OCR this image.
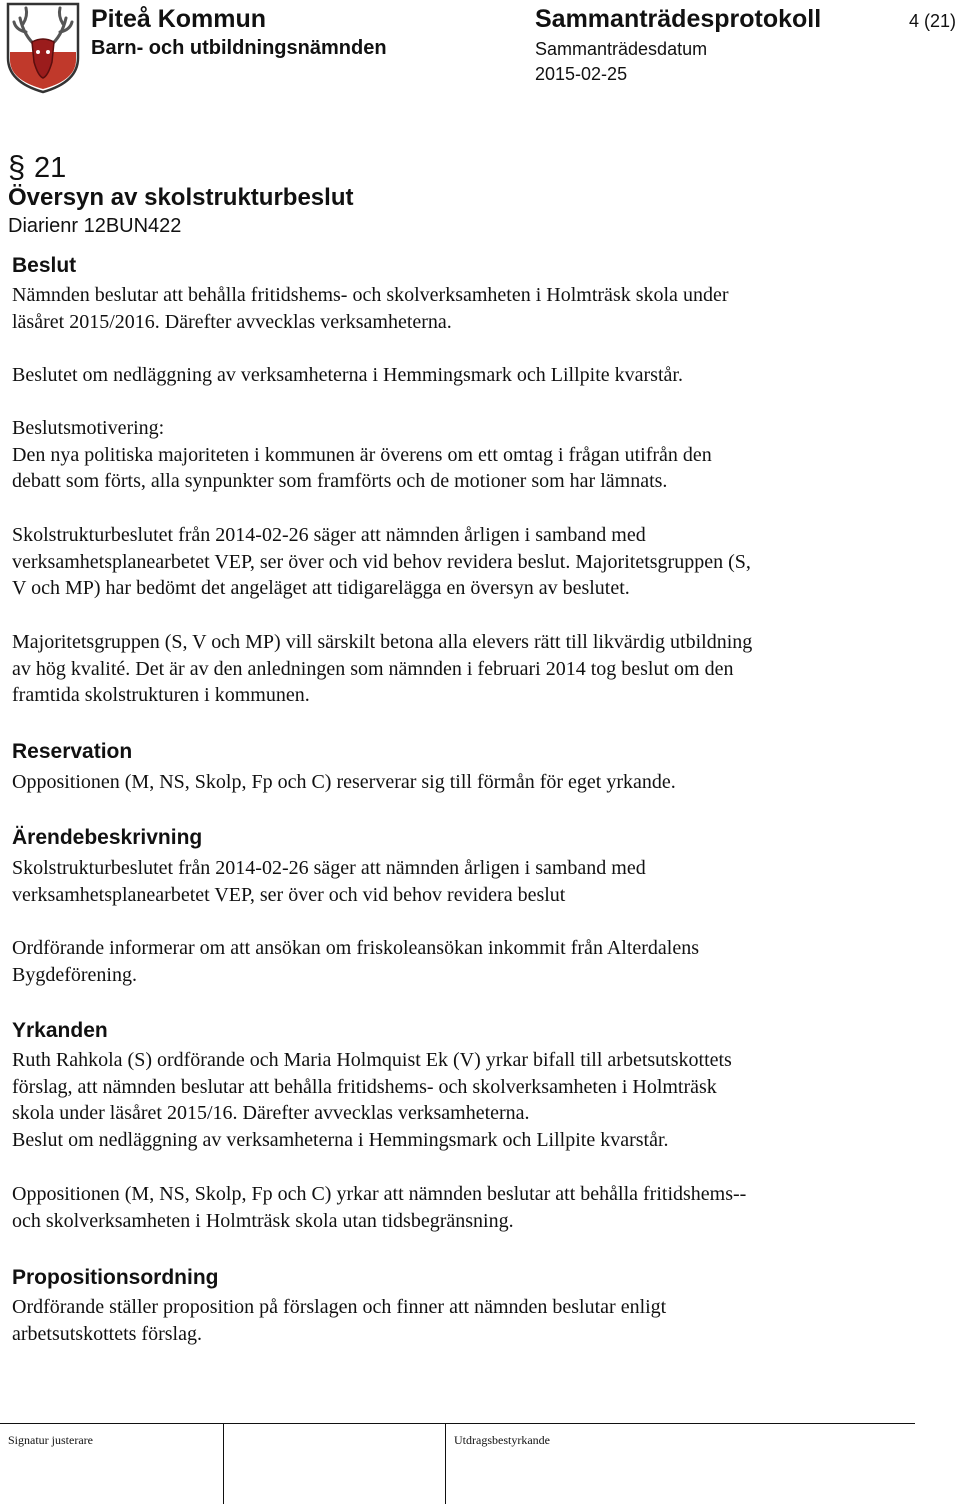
Piteå Kommun
Barn- och utbildningsnämnden
Sammanträdesprotokoll
Sammanträdesdatum
2015-02-25
4 (21)
§ 21
Översyn av skolstrukturbeslut
Diarienr 12BUN422
Beslut
Nämnden beslutar att behålla fritidshems- och skolverksamheten i Holmträsk skola under
läsåret 2015/2016. Därefter avvecklas verksamheterna.
Beslutet om nedläggning av verksamheterna i Hemmingsmark och Lillpite kvarstår.
Beslutsmotivering:
Den nya politiska majoriteten i kommunen är överens om ett omtag i frågan utifrån den
debatt som förts, alla synpunkter som framförts och de motioner som har lämnats.
Skolstrukturbeslutet från 2014-02-26 säger att nämnden årligen i samband med
verksamhetsplanearbetet VEP, ser över och vid behov revidera beslut. Majoritetsgruppen (S,
V och MP) har bedömt det angeläget att tidigarelägga en översyn av beslutet.
Majoritetsgruppen (S, V och MP) vill särskilt betona alla elevers rätt till likvärdig utbildning
av hög kvalité. Det är av den anledningen som nämnden i februari 2014 tog beslut om den
framtida skolstrukturen i kommunen.
Reservation
Oppositionen (M, NS, Skolp, Fp och C) reserverar sig till förmån för eget yrkande.
Ärendebeskrivning
Skolstrukturbeslutet från 2014-02-26 säger att nämnden årligen i samband med
verksamhetsplanearbetet VEP, ser över och vid behov revidera beslut
Ordförande informerar om att ansökan om friskoleansökan inkommit från Alterdalens
Bygdeförening.
Yrkanden
Ruth Rahkola (S) ordförande och Maria Holmquist Ek (V) yrkar bifall till arbetsutskottets
förslag, att nämnden beslutar att behålla fritidshems- och skolverksamheten i Holmträsk
skola under läsåret 2015/16. Därefter avvecklas verksamheterna.
Beslut om nedläggning av verksamheterna i Hemmingsmark och Lillpite kvarstår.
Oppositionen (M, NS, Skolp, Fp och C) yrkar att nämnden beslutar att behålla fritidshems--
och skolverksamheten i Holmträsk skola utan tidsbegränsning.
Propositionsordning
Ordförande ställer proposition på förslagen och finner att nämnden beslutar enligt
arbetsutskottets förslag.
Signatur justerare	Utdragsbestyrkande
